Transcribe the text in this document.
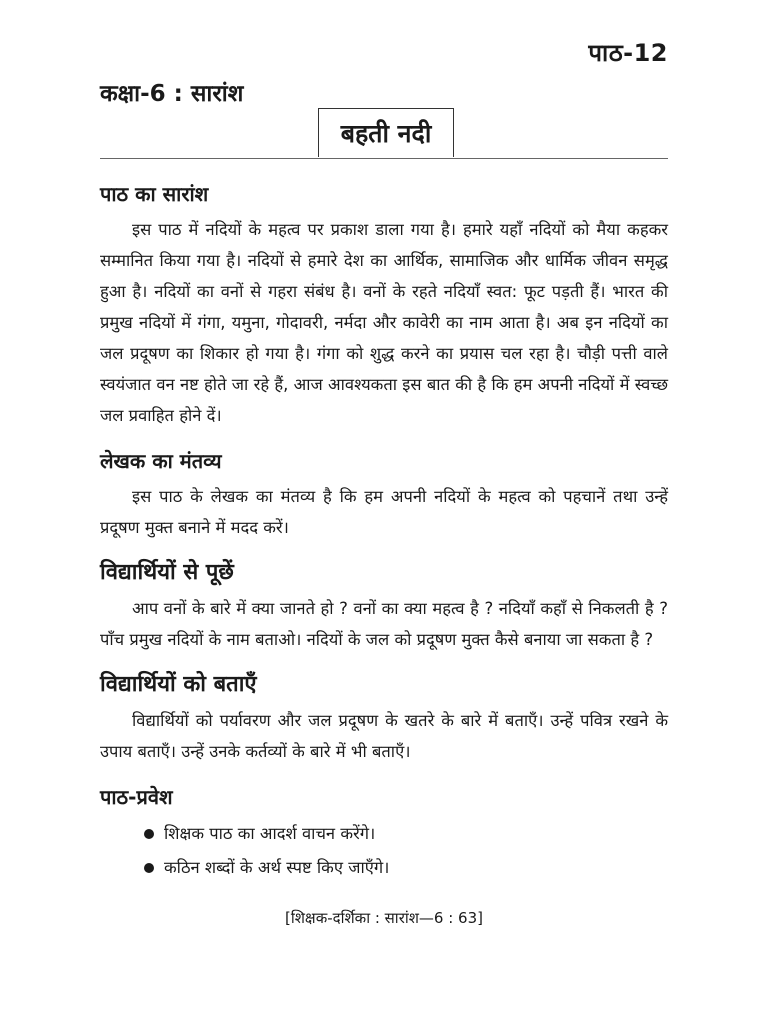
पाठ-12
कक्षा-6 : सारांश
बहती नदी
पाठ का सारांश

इस पाठ में नदियों के महत्व पर प्रकाश डाला गया है। हमारे यहाँ नदियों को मैया कहकर सम्मानित किया गया है। नदियों से हमारे देश का आर्थिक, सामाजिक और धार्मिक जीवन समृद्ध हुआ है। नदियों का वनों से गहरा संबंध है। वनों के रहते नदियाँ स्वत: फूट पड़ती हैं। भारत की प्रमुख नदियों में गंगा, यमुना, गोदावरी, नर्मदा और कावेरी का नाम आता है। अब इन नदियों का जल प्रदूषण का शिकार हो गया है। गंगा को शुद्ध करने का प्रयास चल रहा है। चौड़ी पत्ती वाले स्वयंजात वन नष्ट होते जा रहे हैं, आज आवश्यकता इस बात की है कि हम अपनी नदियों में स्वच्छ जल प्रवाहित होने दें।

लेखक का मंतव्य

इस पाठ के लेखक का मंतव्य है कि हम अपनी नदियों के महत्व को पहचानें तथा उन्हें प्रदूषण मुक्त बनाने में मदद करें।

विद्यार्थियों से पूछें

आप वनों के बारे में क्या जानते हो ? वनों का क्या महत्व है ? नदियाँ कहाँ से निकलती है ? पाँच प्रमुख नदियों के नाम बताओ। नदियों के जल को प्रदूषण मुक्त कैसे बनाया जा सकता है ?

विद्यार्थियों को बताएँ

विद्यार्थियों को पर्यावरण और जल प्रदूषण के खतरे के बारे में बताएँ। उन्हें पवित्र रखने के उपाय बताएँ। उन्हें उनके कर्तव्यों के बारे में भी बताएँ।

पाठ-प्रवेश
शिक्षक पाठ का आदर्श वाचन करेंगे।
कठिन शब्दों के अर्थ स्पष्ट किए जाएँगे।
[शिक्षक-दर्शिका : सारांश—6 : 63]
